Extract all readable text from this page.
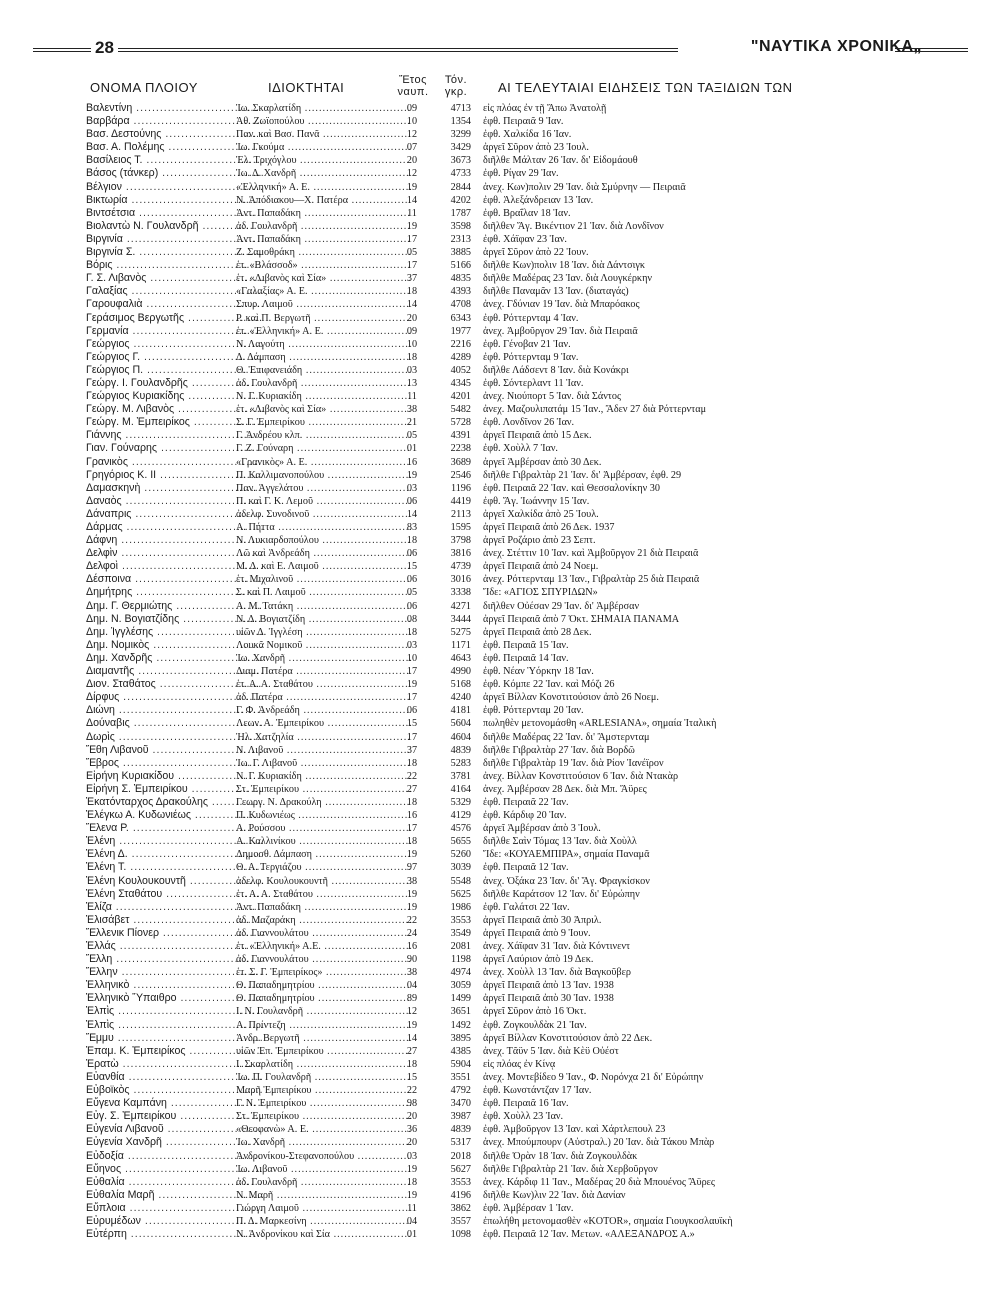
28	"ΝΑΥΤΙΚΑ ΧΡΟΝΙΚΑ„
ΟΝΟΜΑ ΠΛΟΙΟΥ	ΙΔΙΟΚΤΗΤΑΙ	Ἔτος
ναυπ.
Τόν.
γκρ.	ΑΙ ΤΕΛΕΥΤΑΙΑΙ ΕΙΔΗΣΕΙΣ ΤΩΝ ΤΑΞΙΔΙΩΝ ΤΩΝ
Βαλεντίνη .....	Ἰω. Σκαρλατίδη .....	09	4713 εἰς πλόας ἐν τῇ Ἄπω Ἀνατολῇ
Βαρβάρα .....	Ἀθ. Ζωϊοπούλου .....	10	1354 ἐφθ. Πειραιᾶ 9 Ἰαν.
Βασ. Δεστούνης .....	Παν. καὶ Βασ. Πανᾶ .....	12	3299 ἐφθ. Χαλκίδα 16 Ἰαν.
Βασ. Α. Πολέμης .....	Ἰω. Γκούμα .....	07	3429 ἀργεῖ Σῦρον ἀπὸ 23 Ἰουλ.
Βασίλειος Τ. .....	Ἐλ. Τριχόγλου .....	20	3673 διῆλθε Μάλταν 26 Ἰαν. δι' Εἰδομάουθ
Βάσος (τάνκερ) .....	Ἰω. Δ. Χανδρῆ .....	12	4733 ἐφθ. Ρίγαν 29 Ἰαν.
Βέλγιον .....	«Ἑλληνική» Α. Ε. .....	19	2844 ἀνεχ. Κων)πολιν 29 Ἰαν. διὰ Σμύρνην — Πειραιᾶ
Βικτωρία .....	Ν. Ἀπόδιακου—Χ. Πατέρα .....	14	4202 ἐφθ. Ἀλεξάνδρειαν 13 Ἰαν.
Βιντσέτσια .....	Ἀντ. Παπαδάκη .....	11	1787 ἐφθ. Βραΐλαν 18 Ἰαν.
Βιολαντὼ Ν. Γουλανδρῆ .....	ἀδ. Γουλανδρῆ .....	19	3598 διῆλθεν Ἅγ. Βικέντιον 21 Ἰαν. διὰ Λονδῖνον
Βιργινία .....	Ἀντ. Παπαδάκη .....	17	2313 ἐφθ. Χάϊφαν 23 Ἰαν.
Βιργινία Σ. .....	Ζ. Σαμοθράκη .....	05	3885 ἀργεῖ Σῦρον ἀπὸ 22 Ἰουν.
Βόρις .....	ἑτ. «Βλάσσοδ» .....	17	5166 διῆλθε Κων)πολιν 18 Ἰαν. διὰ Δάντσιγκ
Γ. Σ. Λιβανὸς .....	ἑτ. «Λιβανὸς καὶ Σία» .....	37	4835 διῆλθε Μαδέρας 23 Ἰαν. διὰ Λουγκέρκην
Γαλαξίας .....	«Γαλαξίας» Α. Ε. .....	18	4393 διῆλθε Παναμᾶν 13 Ἰαν. (διαταγάς)
Γαρουφαλιὰ .....	Σπυρ. Λαιμοῦ .....	14	4708 ἀνεχ. Γδύνιαν 19 Ἰαν. διὰ Μπαρόακος
Γεράσιμος Βεργωτῆς .....	Ρ. καὶ Π. Βεργωτῆ .....	20	6343 ἐφθ. Ρόττερνταμ 4 Ἰαν.
Γερμανία .....	ἑτ. «Ἑλληνική» Α. Ε. .....	09	1977 ἀνεχ. Ἀμβοῦργον 29 Ἰαν. διὰ Πειραιᾶ
Γεώργιος .....	Ν. Λαγούτη .....	10	2216 ἐφθ. Γένοβαν 21 Ἰαν.
Γεώργιος Γ. .....	Δ. Δάμπαση .....	18	4289 ἐφθ. Ρόττερνταμ 9 Ἰαν.
Γεώργιος Π. .....	Θ. Ἐπιφανειάδη .....	03	4052 διῆλθε Λάδσεντ 8 Ἰαν. διὰ Κονάκρι
Γεώργ. Ι. Γουλανδρῆς .....	ἀδ. Γουλανδρῆ .....	13	4345 ἐφθ. Σόντερλαντ 11 Ἰαν.
Γεώργιος Κυριακίδης .....	Ν. Γ. Κυριακίδη .....	11	4201 ἀνεχ. Νιούπορτ 5 Ἰαν. διὰ Σάντος
Γεώργ. Μ. Λιβανὸς .....	ἑτ. «Λιβανὸς καὶ Σία» .....	38	5482 ἀνεχ. Μαζουλιπατάμ 15 Ἰαν., Ἄδεν 27 διὰ Ρόττερνταμ
Γεώργ. Μ. Ἐμπειρίκος .....	Σ. Γ. Ἐμπειρίκου .....	21	5728 ἐφθ. Λονδῖνον 26 Ἰαν.
Γιάννης .....	Γ. Ἀνδρέου κλπ. .....	05	4391 ἀργεῖ Πειραιᾶ ἀπὸ 15 Δεκ.
Γιαν. Γούναρης .....	Γ. Ζ. Γούναρη .....	01	2238 ἐφθ. Χοὺλλ 7 Ἰαν.
Γρανικὸς .....	«Γρανικὸς» Α. Ε. .....	16	3689 ἀργεῖ Ἀμβέρσαν ἀπὸ 30 Δεκ.
Γρηγόριος Κ. ΙΙ .....	Π. Καλλιμανοπούλου .....	19	2546 διῆλθε Γιβραλτὰρ 21 Ἰαν. δι' Ἀμβέρσαν, ἐφθ. 29
Δαμασκηνὴ .....	Παν. Ἀγγελάτου .....	03	1196 ἐφθ. Πειραιᾶ 22 Ἰαν. καὶ Θεσσαλονίκην 30
Δαναὸς .....	Π. καὶ Γ. Κ. Λεμοῦ .....	06	4419 ἐφθ. Ἅγ. Ἰωάννην 15 Ἰαν.
Δάναπρις .....	ἀδελφ. Συνοδινοῦ .....	14	2113 ἀργεῖ Χαλκίδα ἀπὸ 25 Ἰουλ.
Δάρμας .....	Α. Πήττα .....	83	1595 ἀργεῖ Πειραιᾶ ἀπὸ 26 Δεκ. 1937
Δάφνη .....	Ν. Λυκιαρδοπούλου .....	18	3798 ἀργεῖ Ροζάριο ἀπὸ 23 Σεπτ.
Δελφὶν .....	Λῶ καὶ Ἀνδρεάδη .....	06	3816 ἀνεχ. Στέττιν 10 Ἰαν. καὶ Ἀμβοῦργον 21 διὰ Πειραιᾶ
Δελφοὶ .....	Μ. Δ. καὶ Ε. Λαιμοῦ .....	15	4739 ἀργεῖ Πειραιᾶ ἀπὸ 24 Νοεμ.
Δέσποινα .....	ἑτ. Μιχαλινοῦ .....	06	3016 ἀνεχ. Ρόττερνταμ 13 Ἰαν., Γιβραλτὰρ 25 διὰ Πειραιᾶ
Δημήτρης .....	Σ. καὶ Π. Λαιμοῦ .....	05	3338 Ἴδε: «ΑΓΙΟΣ ΣΠΥΡΙΔΩΝ»
Δημ. Γ. Θερμιώτης .....	Α. Μ. Τατάκη .....	06	4271 διῆλθεν Οὐέσαν 29 Ἰαν. δι' Ἀμβέρσαν
Δημ. Ν. Βογιατζίδης .....	Ν. Δ. Βογιατζίδη .....	08	3444 ἀργεῖ Πειραιᾶ ἀπὸ 7 Ὀκτ. ΣΗΜΑΙΑ ΠΑΝΑΜΑ
Δημ. Ἰγγλέσης .....	υἱῶν Δ. Ἰγγλέση .....	18	5275 ἀργεῖ Πειραιᾶ ἀπὸ 28 Δεκ.
Δημ. Νομικὸς .....	Λουκᾶ Νομικοῦ .....	03	1171 ἐφθ. Πειραιᾶ 15 Ἰαν.
Δημ. Χανδρῆς .....	Ἰω. Χανδρῆ .....	10	4643 ἐφθ. Πειραιᾶ 14 Ἰαν.
Διαμαντῆς .....	Διαμ. Πατέρα .....	17	4990 ἐφθ. Νέαν Ὑόρκην 18 Ἰαν.
Διον. Σταθάτος .....	ἑτ. Α. Α. Σταθάτου .....	19	5168 ἐφθ. Κόμπε 22 Ἰαν. καὶ Μόζι 26
Δίρφυς .....	ἀδ. Πατέρα .....	17	4240 ἀργεῖ Βίλλαν Κονστιτούσιον ἀπὸ 26 Νοεμ.
Διώνη .....	Γ. Φ. Ἀνδρεάδη .....	06	4181 ἐφθ. Ρόττερνταμ 20 Ἰαν.
Δούναβις .....	Λεων. Α. Ἐμπειρίκου .....	15	5604 πωληθὲν μετονομάσθη «ARLESIANA», σημαία Ἰταλικὴ
Δωρὶς .....	Ἠλ. Χατζηλία .....	17	4604 διῆλθε Μαδέρας 22 Ἰαν. δι' Ἄμστερνταμ
Ἔθη Λιβανοῦ .....	Ν. Λιβανοῦ .....	37	4839 διῆλθε Γιβραλτὰρ 27 Ἰαν. διὰ Βορδῶ
Ἔβρος .....	Ἰω. Γ. Λιβανοῦ .....	18	5283 διῆλθε Γιβραλτὰρ 19 Ἰαν. διὰ Ρίον Ἰανέϊρον
Εἰρήνη Κυριακίδου .....	Ν. Γ. Κυριακίδη .....	22	3781 ἀνεχ. Βίλλαν Κονστιτούσιον 6 Ἰαν. διὰ Ντακὰρ
Εἰρήνη Σ. Ἐμπειρίκου .....	Στ. Ἐμπειρίκου .....	27	4164 ἀνεχ. Ἀμβέρσαν 28 Δεκ. διὰ Μπ. Ἄϋρες
Ἑκατόνταρχος Δρακούλης .....	Γεωργ. Ν. Δρακούλη .....	18	5329 ἐφθ. Πειραιᾶ 22 Ἰαν.
Ἑλέγκω Α. Κυδωνιέως .....	Π. Κυδωνιέως .....	16	4129 ἐφθ. Κάρδιφ 20 Ἰαν.
Ἕλενα Ρ. .....	Α. Ρούσσου .....	17	4576 ἀργεῖ Ἀμβέρσαν ἀπὸ 3 Ἰουλ.
Ἑλένη .....	Α. Καλλινίκου .....	18	5655 διῆλθε Σαὶν Τόμας 13 Ἰαν. διὰ Χοὺλλ
Ἑλένη Δ. .....	Δημοσθ. Δάμπαση .....	19	5260 Ἴδε: «ΚΟΥΑΕΜΠΙΡΑ», σημαία Παναμᾶ
Ἑλένη Τ. .....	Θ. Α. Τεργιάζου .....	97	3039 ἐφθ. Πειραιᾶ 12 Ἰαν.
Ἑλένη Κουλουκουντῆ .....	ἀδελφ. Κουλουκουντῆ .....	38	5548 ἀνεχ. Ὀξάκα 23 Ἰαν. δι' Ἅγ. Φραγκίσκον
Ἑλένη Σταθάτου .....	ἑτ. Α. Α. Σταθάτου .....	19	5625 διῆλθε Καράτσον 12 Ἰαν. δι' Εὐρώπην
Ἑλίζα .....	Ἀντ. Παπαδάκη .....	19	1986 ἐφθ. Γαλάτσι 22 Ἰαν.
Ἑλισάβετ .....	ἀδ. Μαζαράκη .....	22	3553 ἀργεῖ Πειραιᾶ ἀπὸ 30 Ἀπριλ.
Ἕλλενικ Πίονερ .....	ἀδ. Γιαννουλάτου .....	24	3549 ἀργεῖ Πειραιᾶ ἀπὸ 9 Ἰουν.
Ἑλλάς .....	ἑτ. «Ἑλληνική» Α.Ε. .....	16	2081 ἀνεχ. Χάϊφαν 31 Ἰαν. διὰ Κόντινεντ
Ἕλλη .....	ἀδ. Γιαννουλάτου .....	90	1198 ἀργεῖ Λαύριον ἀπὸ 19 Δεκ.
Ἕλλην .....	ἑτ. Σ. Γ. Ἐμπειρίκος» .....	38	4974 ἀνεχ. Χοὺλλ 13 Ἰαν. διὰ Βαγκοῦβερ
Ἑλληνικὸ .....	Θ. Παπαδημητρίου .....	04	3059 ἀργεῖ Πειραιᾶ ἀπὸ 13 Ἰαν. 1938
Ἑλληνικὸ Ὕπαιθρο .....	Θ. Παπαδημητρίου .....	89	1499 ἀργεῖ Πειραιᾶ ἀπὸ 30 Ἰαν. 1938
Ἑλπὶς .....	Ι. Ν. Γουλανδρῆ .....	12	3651 ἀργεῖ Σῦρον ἀπὸ 16 Ὀκτ.
Ἑλπὶς .....	Α. Πρίντεζη .....	19	1492 ἐφθ. Ζογκουλδὰκ 21 Ἰαν.
Ἔμμυ .....	Ἀνδρ. Βεργωτῆ .....	14	3895 ἀργεῖ Βίλλαν Κονστιτούσιον ἀπὸ 22 Δεκ.
Ἐπαμ. Κ. Ἐμπειρίκος .....	υἱῶν Ἐπ. Ἐμπειρίκου .....	27	4385 ἀνεχ. Τᾶϋν 5 Ἰαν. διὰ Κὲϋ Οὐέστ
Ἐρατὼ .....	Ι. Σκαρλατίδη .....	18	5904 εἰς πλόας ἐν Κίνᾳ
Εὐανθία .....	Ἰω. Π. Γουλανδρῆ .....	15	3551 ἀνεχ. Μοντεβίδεο 9 Ἰαν., Φ. Νορόνχα 21 δι' Εὐρώπην
Εὐβοϊκὸς .....	Μαρῆ Ἐμπειρίκου .....	22	4792 ἐφθ. Κωνστάντζαν 17 Ἰαν.
Εὔγενα Καμπάνη .....	Γ. Ν. Ἐμπειρίκου .....	98	3470 ἐφθ. Πειραιᾶ 16 Ἰαν.
Εὐγ. Σ. Ἐμπειρίκου .....	Στ. Ἐμπειρίκου .....	20	3987 ἐφθ. Χοὺλλ 23 Ἰαν.
Εὐγενία Λιβανοῦ .....	«Θεοφανὼ» Α. Ε. .....	36	4839 ἐφθ. Ἀμβοῦργον 13 Ἰαν. καὶ Χάρτλεπουλ 23
Εὐγενία Χανδρῆ .....	Ἰω. Χανδρῆ .....	20	5317 ἀνεχ. Μπούμπουρν (Αὐστραλ.) 20 Ἰαν. διὰ Τάκου Μπὰρ
Εὐδοξία .....	Ἀνδρονίκου-Στεφανοπούλου .....	03	2018 διῆλθε Ὀρὰν 18 Ἰαν. διὰ Ζογκουλδὰκ
Εὔηνος .....	Ἰω. Λιβανοῦ .....	19	5627 διῆλθε Γιβραλτὰρ 21 Ἰαν. διὰ Χερβοῦργον
Εὐθαλία .....	ἀδ. Γουλανδρῆ .....	18	3553 ἀνεχ. Κάρδιφ 11 Ἰαν., Μαδέρας 20 διὰ Μπουένος Ἄϋρες
Εὐθαλία Μαρῆ .....	Ν. Μαρῆ .....	19	4196 διῆλθε Κων)λιν 22 Ἰαν. διὰ Δανίαν
Εὔπλοια .....	Γιώργη Λαιμοῦ .....	11	3862 ἐφθ. Ἀμβέρσαν 1 Ἰαν.
Εὐρυμέδων .....	Π. Δ. Μαρκεσίνη .....	04	3557 ἐπωλήθη μετονομασθὲν «KOTOR», σημαία Γιουγκοσλαυϊκὴ
Εὐτέρπη .....	Ν. Ἀνδρονίκου καὶ Σία .....	01	1098 ἐφθ. Πειραιᾶ 12 Ἰαν. Μετων. «ΑΛΕΞΑΝΔΡΟΣ Α.»
